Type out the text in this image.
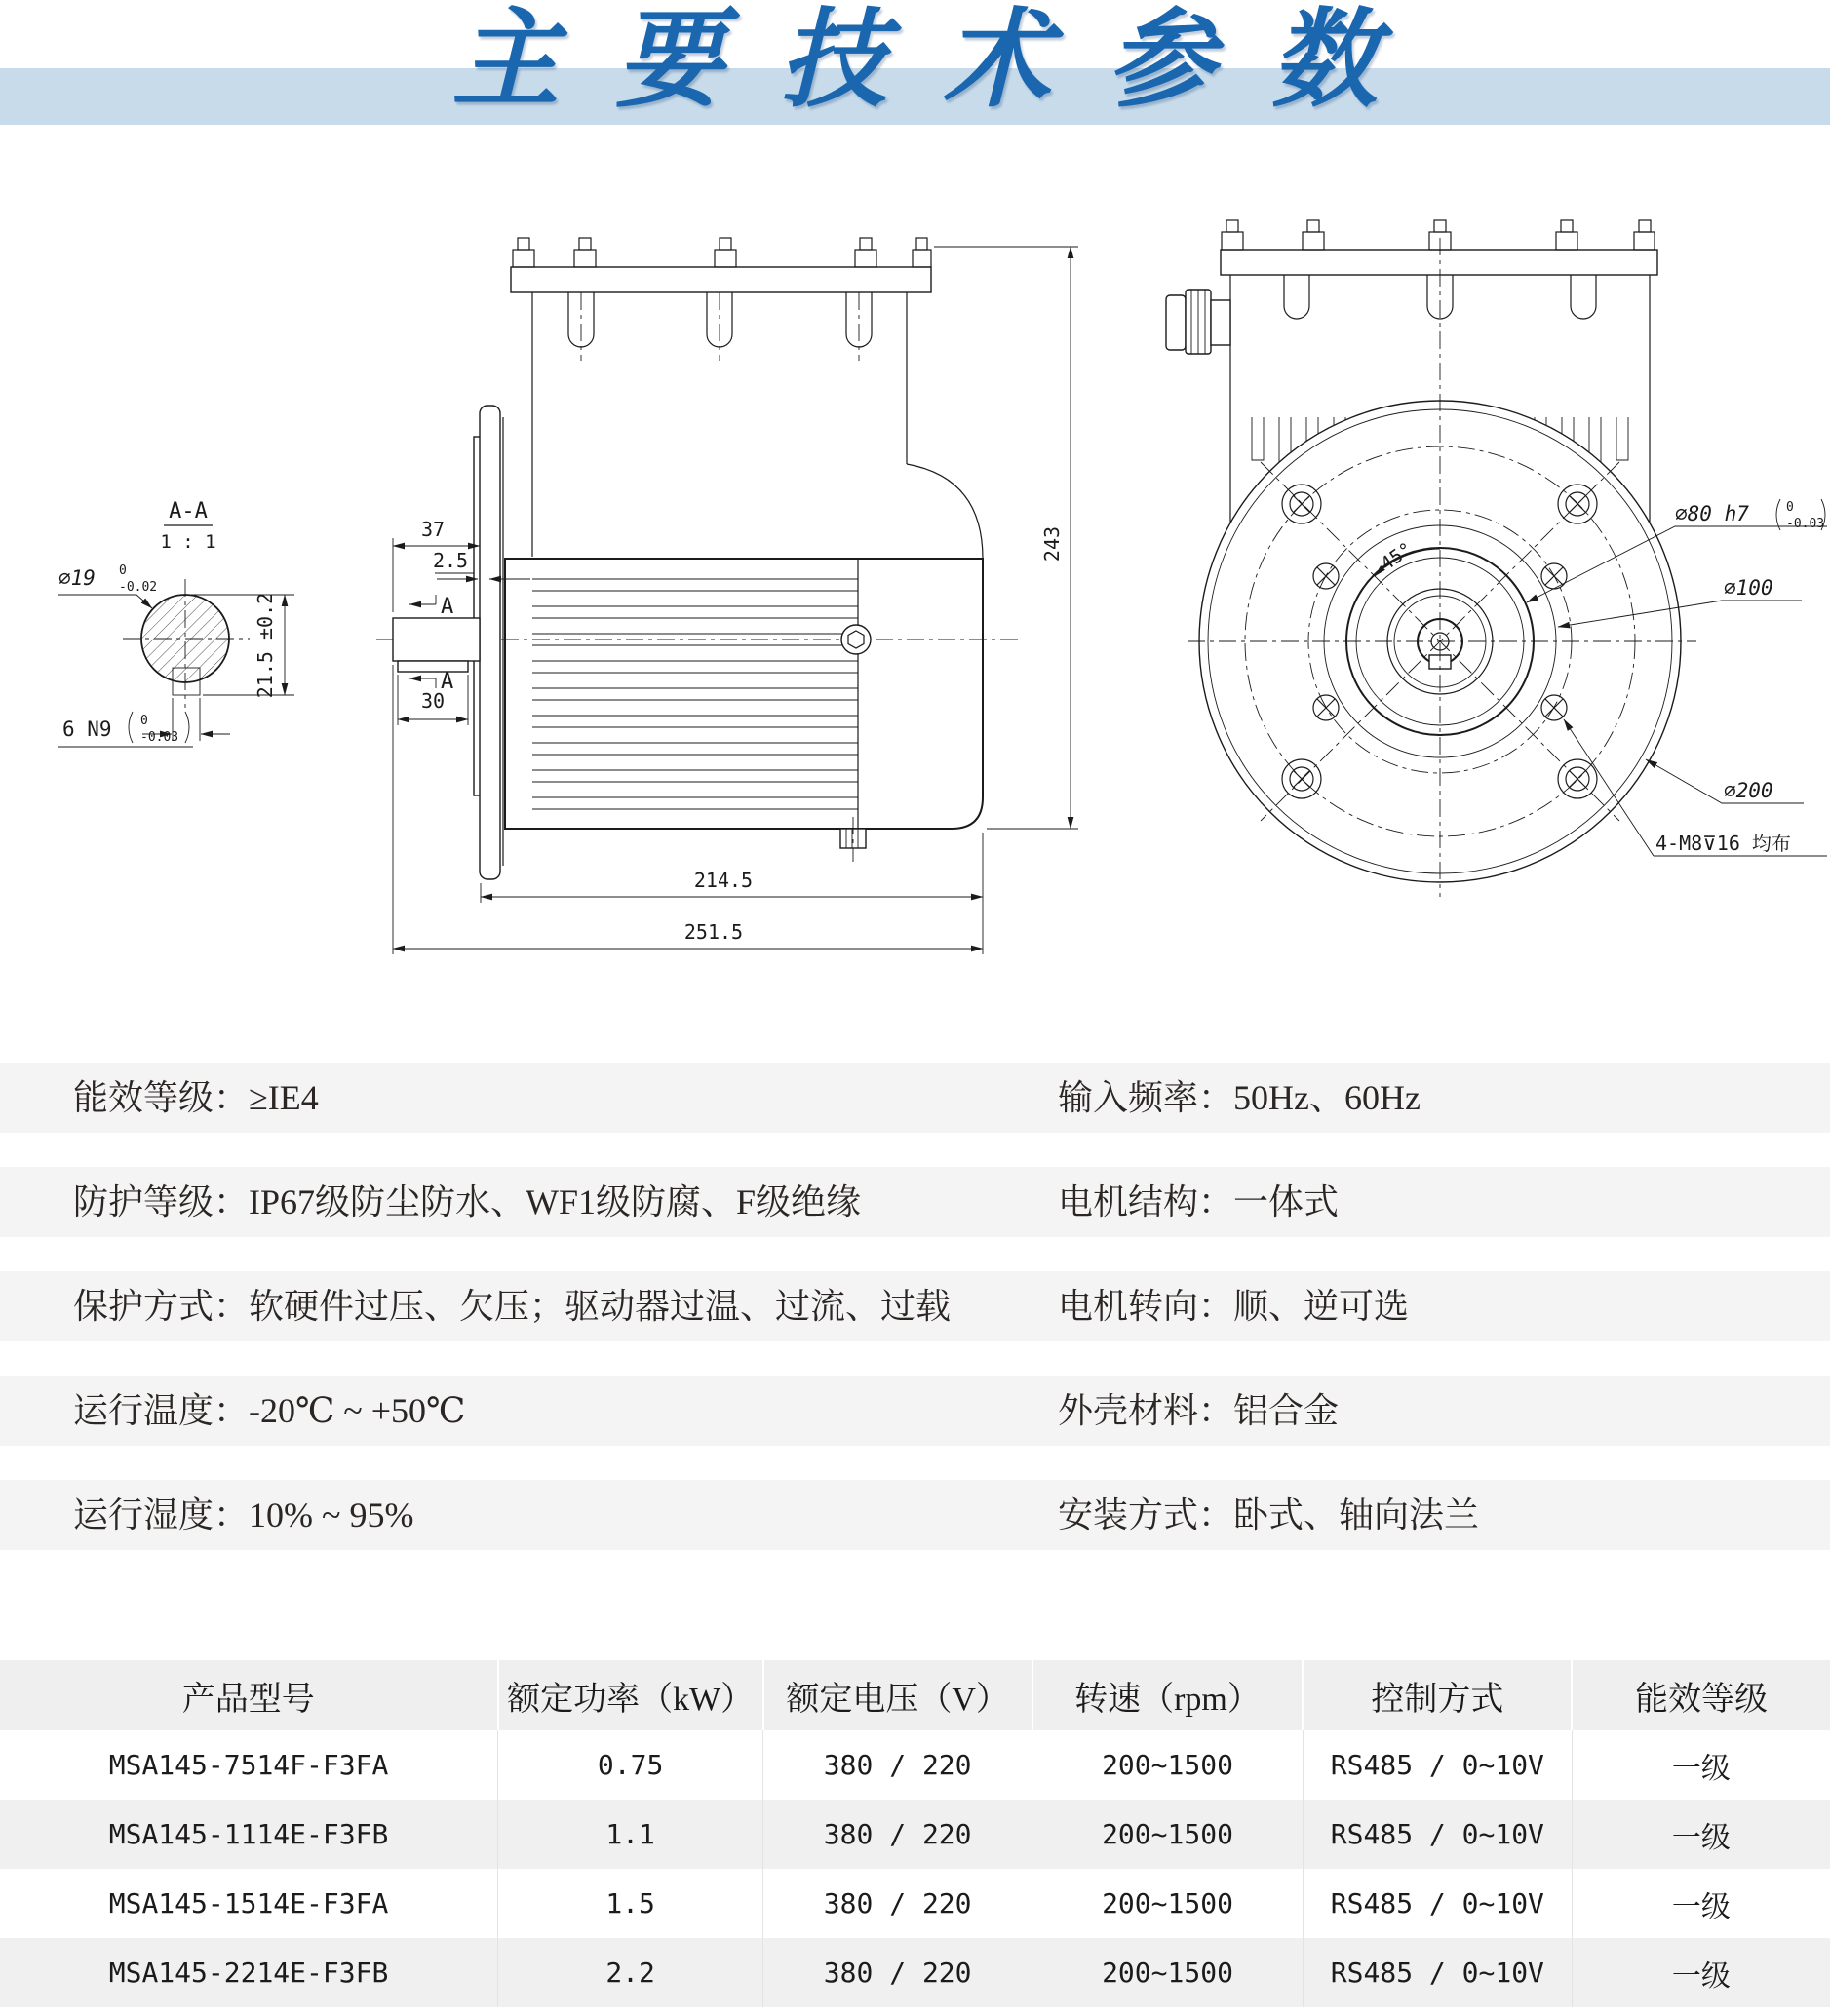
主要技术参数
A-A
1 : 1
⌀19 0
-0.02
21.5 ±0.2
6 N9 0
-0.03
37
2.5
A
A
30
243
214.5
251.5
45°
⌀80 h7	0
-0.03
⌀100
⌀200
4-M8⊽16 均布
能效等级：≥IE4	输入频率：50Hz、60Hz
防护等级：IP67级防尘防水、WF1级防腐、F级绝缘	电机结构：一体式
保护方式：软硬件过压、欠压；驱动器过温、过流、过载	电机转向：顺、逆可选
运行温度：-20℃ ~ +50℃	外壳材料：铝合金
运行湿度：10% ~ 95%	安装方式：卧式、轴向法兰
产品型号	额定功率（kW）	额定电压（V）	转速（rpm）	控制方式	能效等级
MSA145-7514F-F3FA	0.75	380 / 220	200~1500	RS485 / 0~10V	一级
MSA145-1114E-F3FB	1.1	380 / 220	200~1500	RS485 / 0~10V	一级
MSA145-1514E-F3FA	1.5	380 / 220	200~1500	RS485 / 0~10V	一级
MSA145-2214E-F3FB	2.2	380 / 220	200~1500	RS485 / 0~10V	一级
